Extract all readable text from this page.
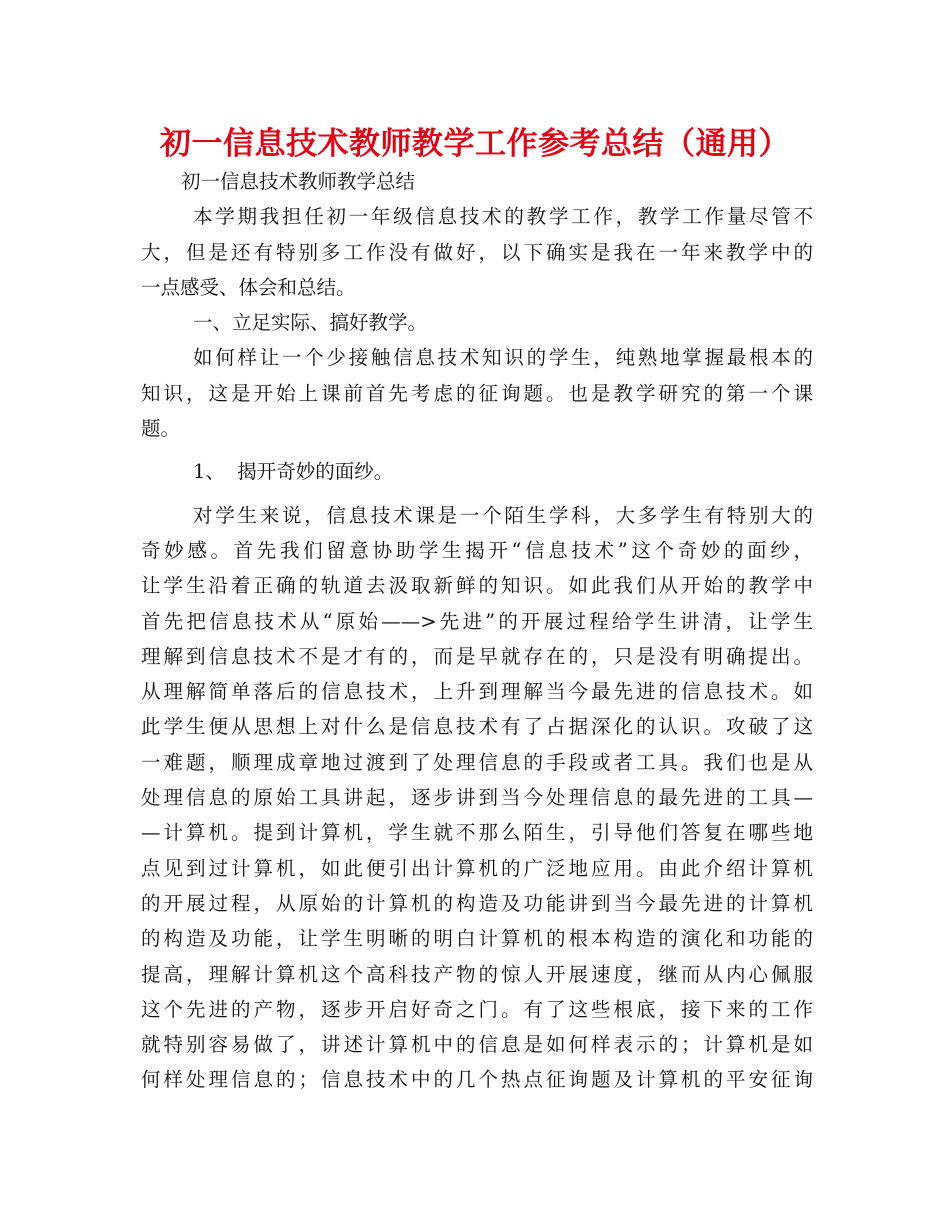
初一信息技术教师教学工作参考总结（通用）
初一信息技术教师教学总结
本学期我担任初一年级信息技术的教学工作，教学工作量尽管不
大，但是还有特别多工作没有做好，以下确实是我在一年来教学中的
一点感受、体会和总结。
一、立足实际、搞好教学。
如何样让一个少接触信息技术知识的学生，纯熟地掌握最根本的
知识，这是开始上课前首先考虑的征询题。也是教学研究的第一个课
题。
1、  揭开奇妙的面纱。
对学生来说，信息技术课是一个陌生学科，大多学生有特别大的
奇妙感。首先我们留意协助学生揭开“信息技术”这个奇妙的面纱，
让学生沿着正确的轨道去汲取新鲜的知识。如此我们从开始的教学中
首先把信息技术从“原始——>先进”的开展过程给学生讲清，让学生
理解到信息技术不是才有的，而是早就存在的，只是没有明确提出。
从理解简单落后的信息技术，上升到理解当今最先进的信息技术。如
此学生便从思想上对什么是信息技术有了占据深化的认识。攻破了这
一难题，顺理成章地过渡到了处理信息的手段或者工具。我们也是从
处理信息的原始工具讲起，逐步讲到当今处理信息的最先进的工具—
—计算机。提到计算机，学生就不那么陌生，引导他们答复在哪些地
点见到过计算机，如此便引出计算机的广泛地应用。由此介绍计算机
的开展过程，从原始的计算机的构造及功能讲到当今最先进的计算机
的构造及功能，让学生明晰的明白计算机的根本构造的演化和功能的
提高，理解计算机这个高科技产物的惊人开展速度，继而从内心佩服
这个先进的产物，逐步开启好奇之门。有了这些根底，接下来的工作
就特别容易做了，讲述计算机中的信息是如何样表示的；计算机是如
何样处理信息的；信息技术中的几个热点征询题及计算机的平安征询
